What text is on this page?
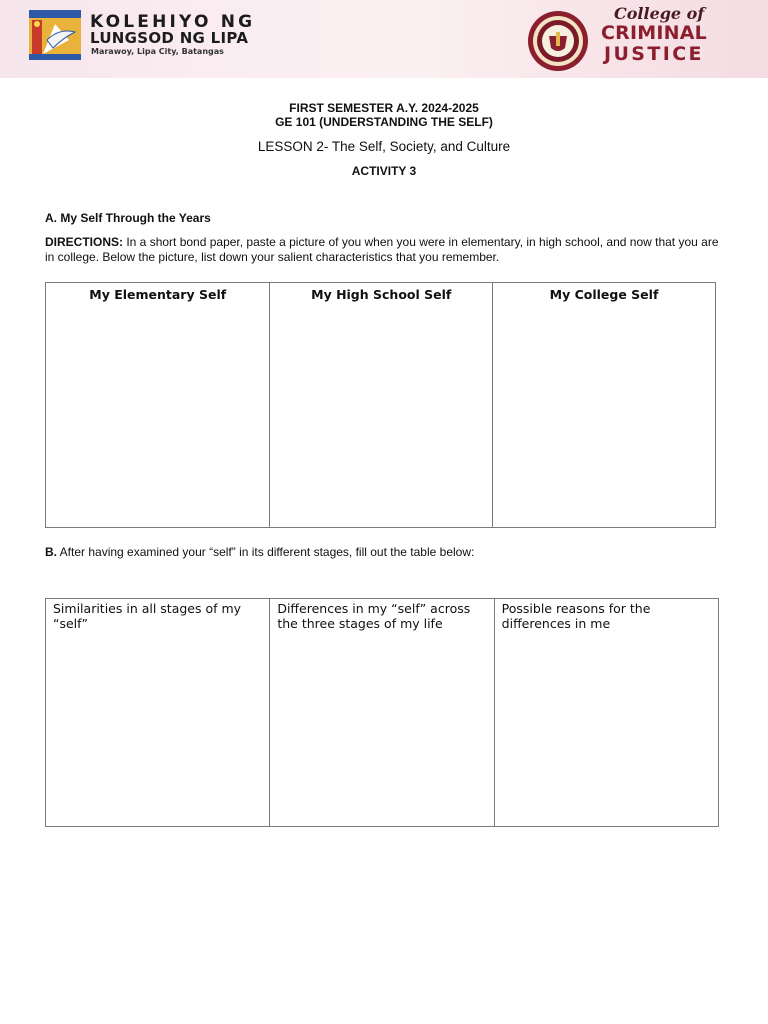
KOLEHIYO NG
LUNGSOD NG LIPA
Marawoy, Lipa City, Batangas
College of
CRIMINAL
JUSTICE
FIRST SEMESTER A.Y. 2024-2025
GE 101 (UNDERSTANDING THE SELF)
LESSON 2- The Self, Society, and Culture
ACTIVITY 3
A. My Self Through the Years
DIRECTIONS: In a short bond paper, paste a picture of you when you were in elementary, in high school, and now that you are in college. Below the picture, list down your salient characteristics that you remember.
My Elementary Self	My High School Self	My College Self
B. After having examined your “self” in its different stages, fill out the table below:
Similarities in all stages of my “self”	Differences in my “self” across the three stages of my life	Possible reasons for the differences in me
